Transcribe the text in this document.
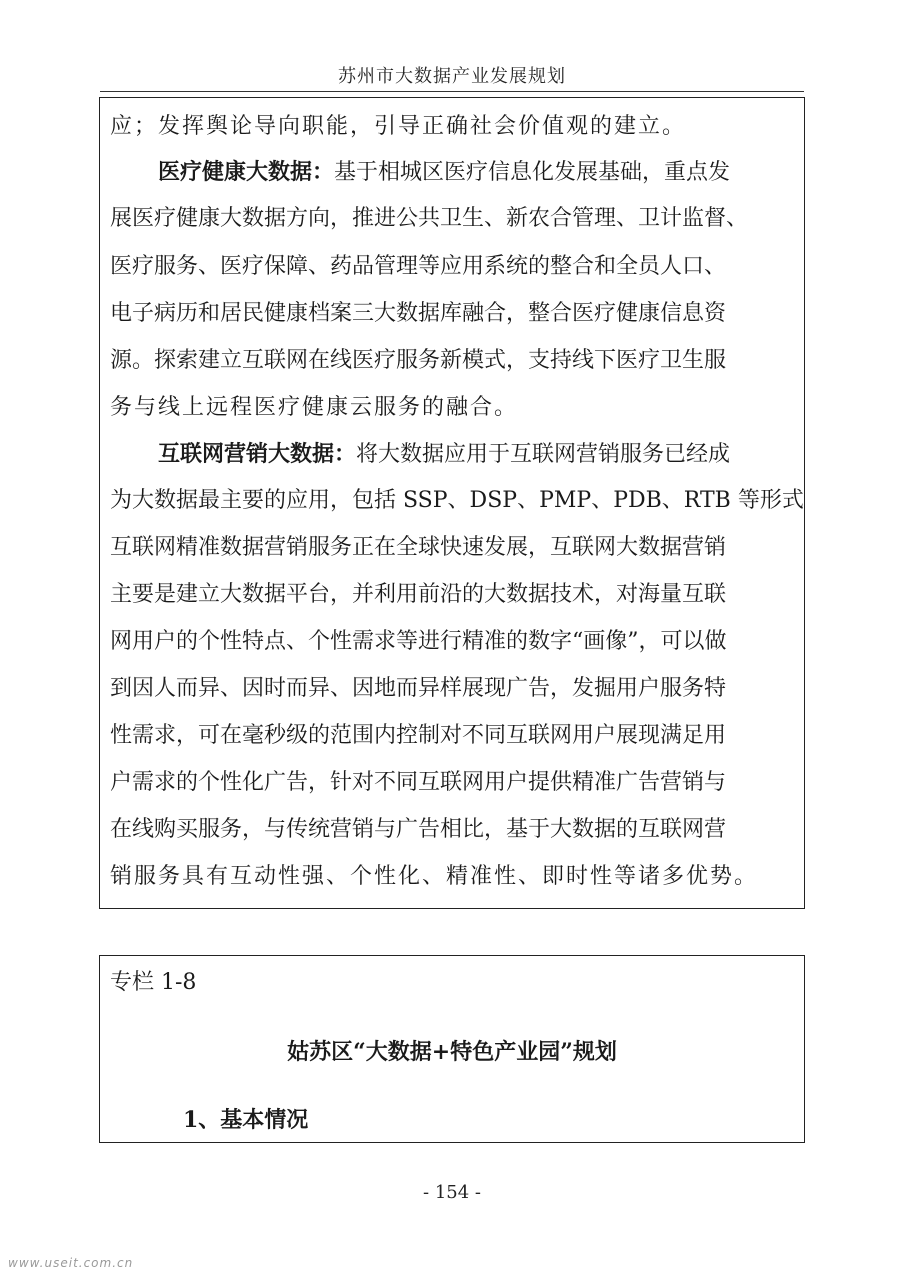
苏州市大数据产业发展规划
应；发挥舆论导向职能，引导正确社会价值观的建立。
医疗健康大数据：基于相城区医疗信息化发展基础，重点发
展医疗健康大数据方向，推进公共卫生、新农合管理、卫计监督、
医疗服务、医疗保障、药品管理等应用系统的整合和全员人口、
电子病历和居民健康档案三大数据库融合，整合医疗健康信息资
源。探索建立互联网在线医疗服务新模式，支持线下医疗卫生服
务与线上远程医疗健康云服务的融合。
互联网营销大数据：将大数据应用于互联网营销服务已经成
为大数据最主要的应用，包括 SSP、DSP、PMP、PDB、RTB 等形式
互联网精准数据营销服务正在全球快速发展，互联网大数据营销
主要是建立大数据平台，并利用前沿的大数据技术，对海量互联
网用户的个性特点、个性需求等进行精准的数字“画像”，可以做
到因人而异、因时而异、因地而异样展现广告，发掘用户服务特
性需求，可在毫秒级的范围内控制对不同互联网用户展现满足用
户需求的个性化广告，针对不同互联网用户提供精准广告营销与
在线购买服务，与传统营销与广告相比，基于大数据的互联网营
销服务具有互动性强、个性化、精准性、即时性等诸多优势。
专栏 1-8
姑苏区“大数据+特色产业园”规划
1、基本情况
- 154 -
www.useit.com.cn
